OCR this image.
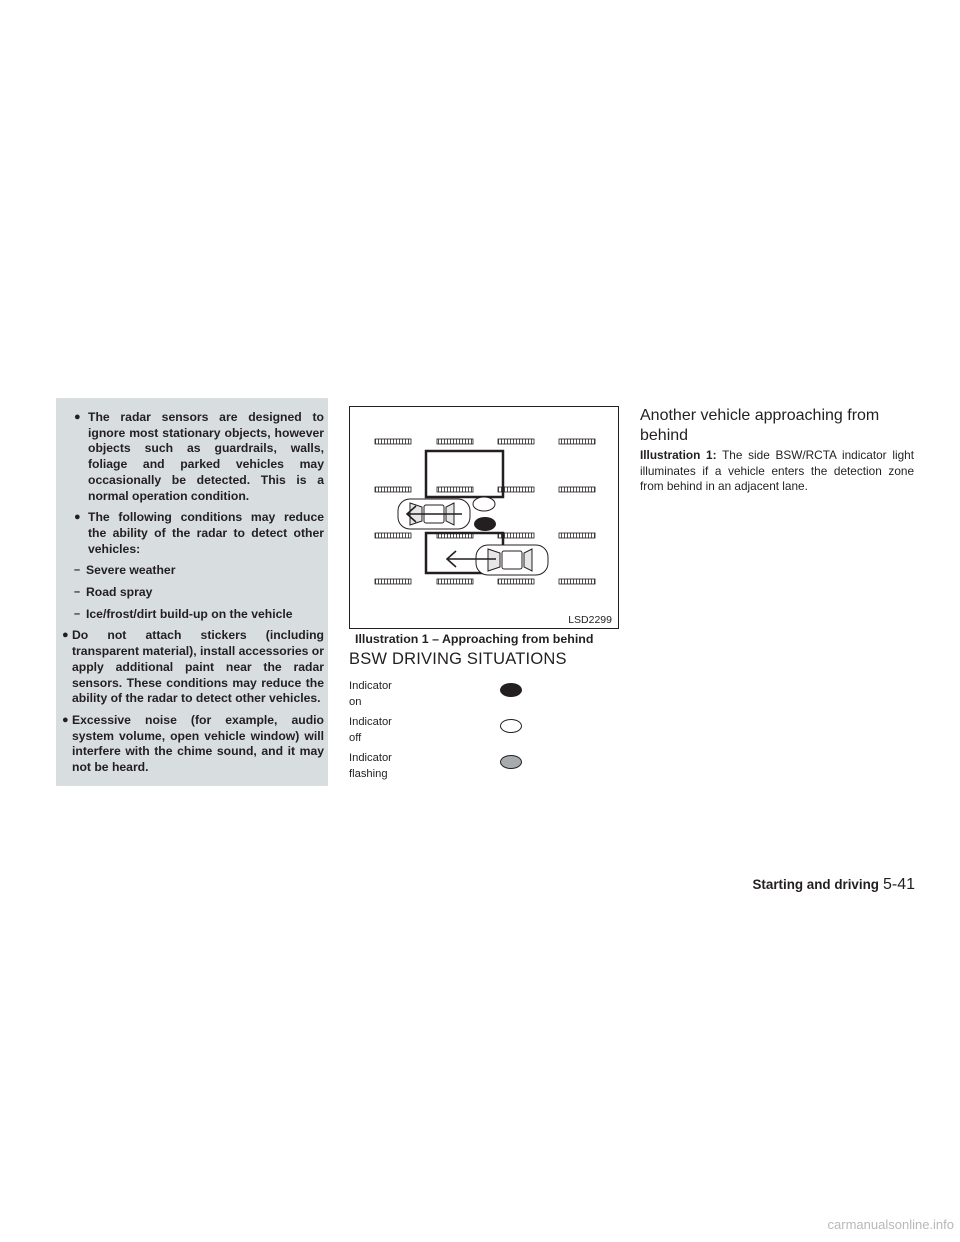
● The radar sensors are designed to ignore most stationary objects, however objects such as guardrails, walls, foliage and parked vehicles may occasionally be detected. This is a normal operation condition.
● The following conditions may reduce the ability of the radar to detect other vehicles:
– Severe weather
– Road spray
– Ice/frost/dirt build-up on the vehicle
● Do not attach stickers (including transparent material), install accessories or apply additional paint near the radar sensors. These conditions may reduce the ability of the radar to detect other vehicles.
● Excessive noise (for example, audio system volume, open vehicle window) will interfere with the chime sound, and it may not be heard.
LSD2299
Illustration 1 – Approaching from behind
BSW DRIVING SITUATIONS
Indicator
on
Indicator
off
Indicator
flashing
Another vehicle approaching from behind
Illustration 1: The side BSW/RCTA indicator light illuminates if a vehicle enters the detection zone from behind in an adjacent lane.
Starting and driving 5-41
carmanualsonline.info
